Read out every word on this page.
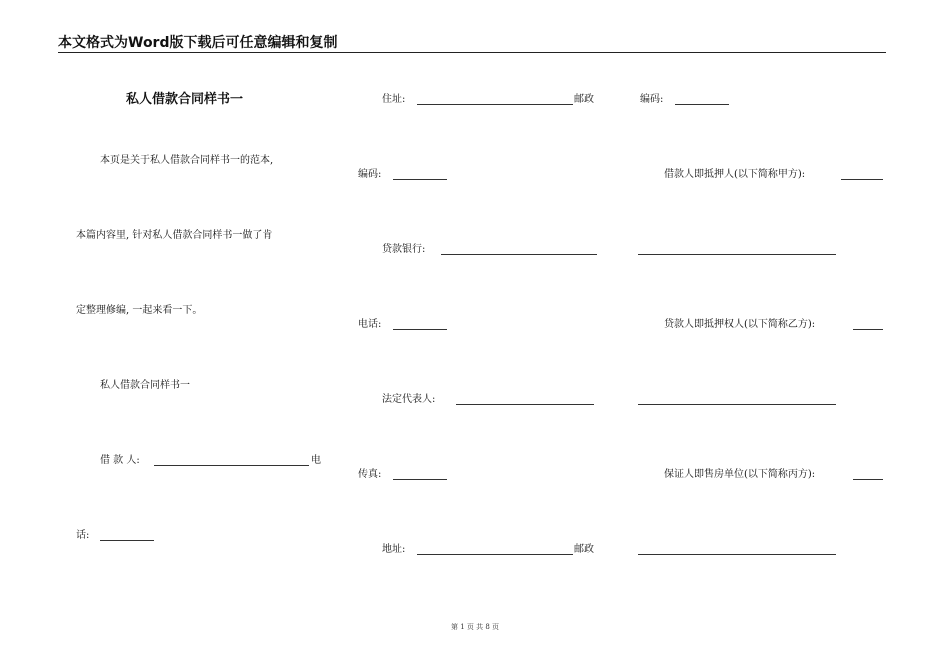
本文格式为Word版下载后可任意编辑和复制
私人借款合同样书一
本页是关于私人借款合同样书一的范本,
本篇内容里, 针对私人借款合同样书一做了肯
定整理修编, 一起来看一下。
私人借款合同样书一
借 款 人:	电
话:
住址:	邮政
编码:
贷款银行:
电话:
法定代表人:
传真:
地址:	邮政
编码:
借款人即抵押人(以下简称甲方):
贷款人即抵押权人(以下简称乙方):
保证人即售房单位(以下简称丙方):
第 1 页 共 8 页
